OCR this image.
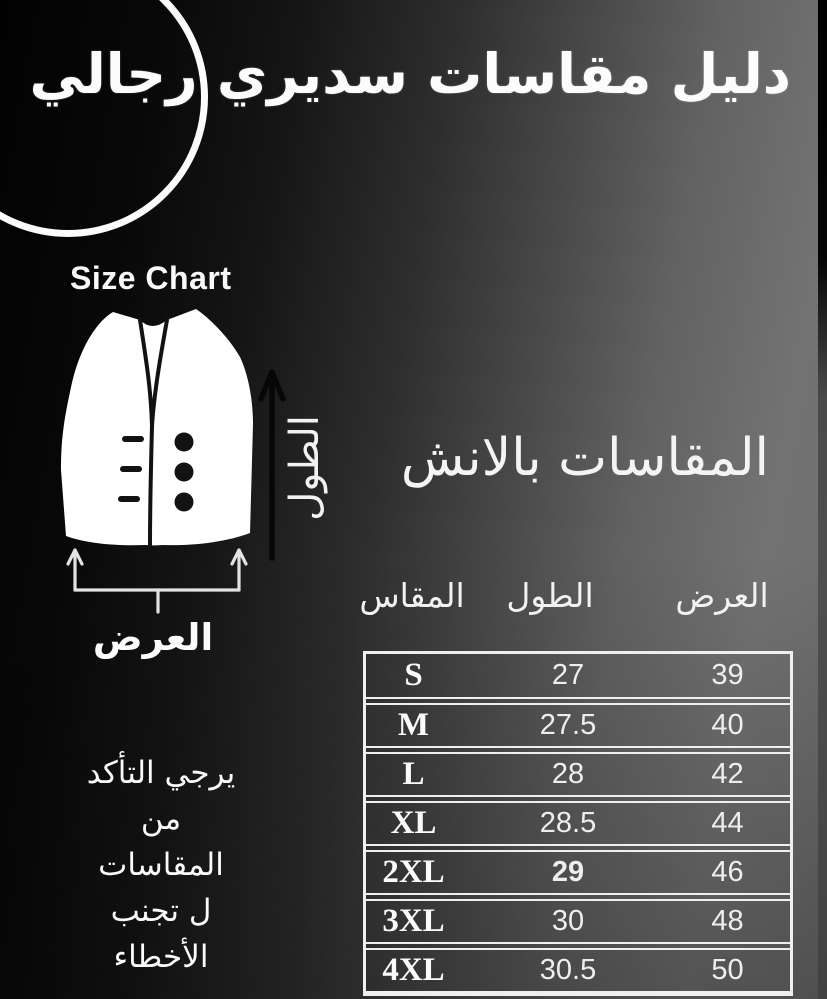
دليل مقاسات سديري رجالي
Size Chart
الطول
العرض
المقاسات بالانش
المقاس الطول العرض
S	27	39
M	27.5	40
L	28	42
XL	28.5	44
2XL	29	46
3XL	30	48
4XL	30.5	50
يرجي التأكد
من
المقاسات
ل تجنب
الأخطاء
